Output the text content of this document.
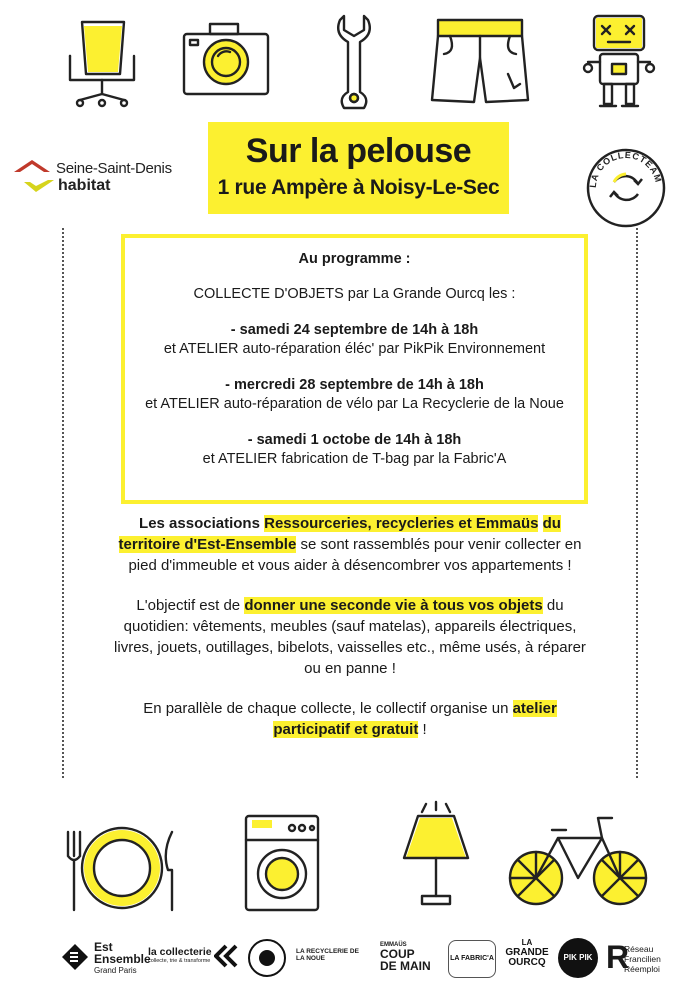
Seine-Saint-Denis
habitat
Sur la pelouse
1 rue Ampère à Noisy-Le-Sec	LA COLLECTEAM

Au programme :

COLLECTE D'OBJETS par La Grande Ourcq les :

- samedi 24 septembre de 14h à 18h

et ATELIER auto-réparation éléc' par PikPik Environnement

- mercredi 28 septembre de 14h à 18h

et ATELIER auto-réparation de vélo par La Recyclerie de la Noue

- samedi 1 octobe de 14h à 18h

et ATELIER fabrication de T-bag par la Fabric'A

Les associations Ressourceries, recycleries et Emmaüs du territoire d'Est-Ensemble se sont rassemblés pour venir collecter en pied d'immeuble et vous aider à désencombrer vos appartements !

L'objectif est de donner une seconde vie à tous vos objets du quotidien: vêtements, meubles (sauf matelas), appareils électriques, livres, jouets, outillages, bibelots, vaisselles etc., même usés, à réparer ou en panne !

En parallèle de chaque collecte, le collectif organise un atelier participatif et gratuit !

Est
Ensemble
Grand Paris
la collecterie
collecte, trie & transforme
LA RECYCLERIE DE LA NOUE
EMMAÜS
COUP DE MAIN
LA FABRIC'A
LA
GRANDE
OURCQ	PIK PIK R
Réseau
Francilien
Réemploi
